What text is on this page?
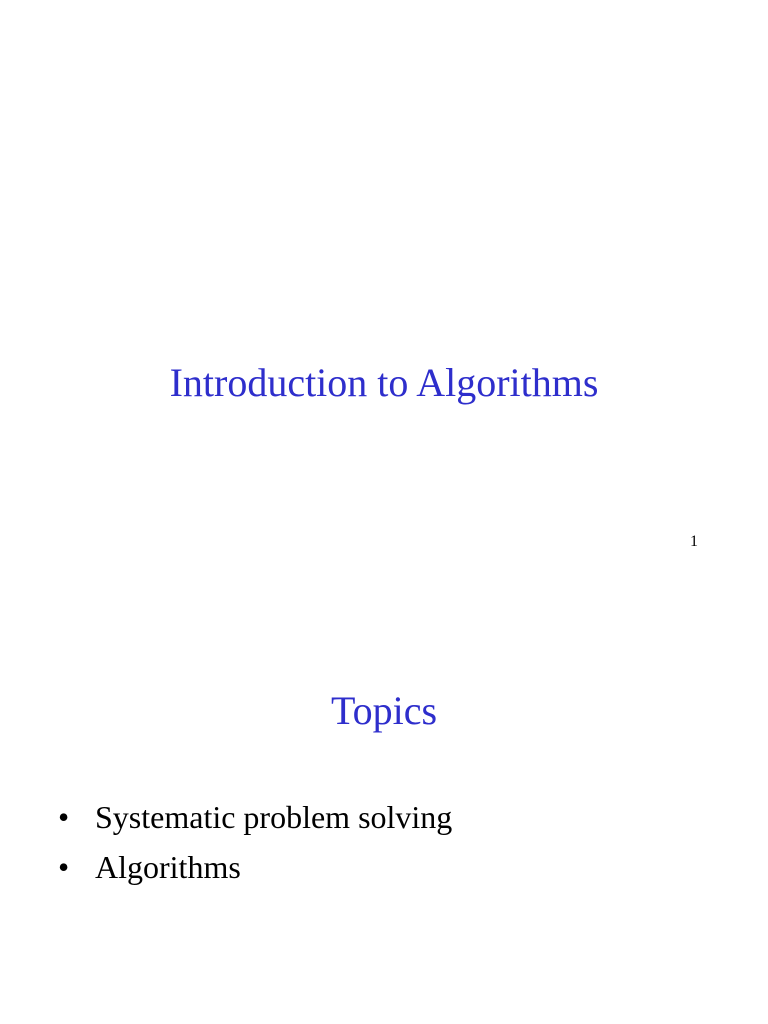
Introduction to Algorithms
1
Topics
• Systematic problem solving
• Algorithms
